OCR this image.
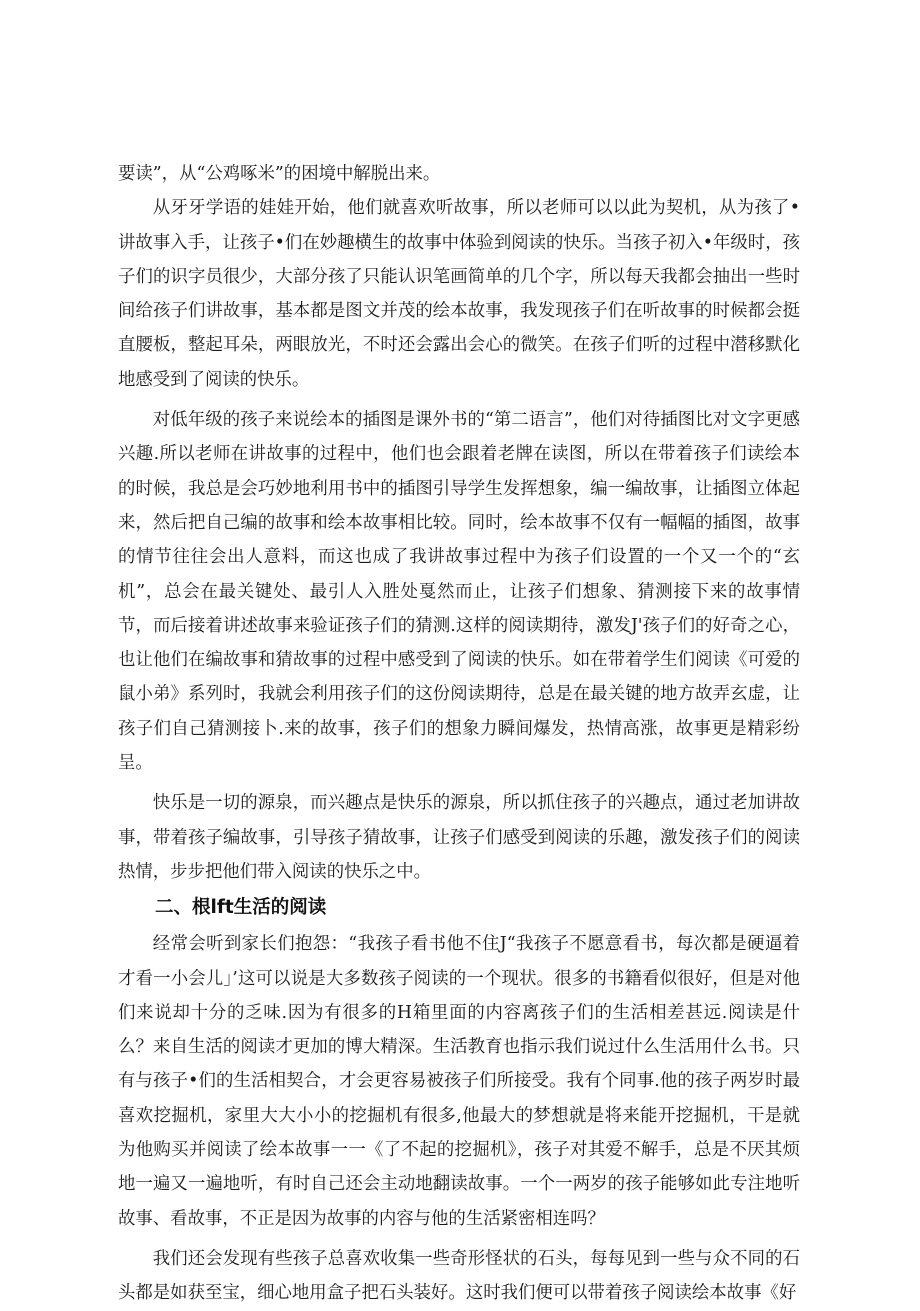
要读”，从“公鸡啄米”的困境中解脱出来。

从牙牙学语的娃娃开始，他们就喜欢听故事，所以老师可以以此为契机，从为孩了•讲故事入手，让孩子•们在妙趣横生的故事中体验到阅读的快乐。当孩子初入•年级时，孩子们的识字员很少，大部分孩了只能认识笔画简单的几个字，所以每天我都会抽出一些时间给孩子们讲故事，基本都是图文并茂的绘本故事，我发现孩子们在听故事的时候都会挺直腰板，整起耳朵，两眼放光，不时还会露出会心的微笑。在孩子们听的过程中潜移默化地感受到了阅读的快乐。

对低年级的孩子来说绘本的插图是课外书的“第二语言”，他们对待插图比对文字更感兴趣.所以老师在讲故事的过程中，他们也会跟着老牌在读图，所以在带着孩子们读绘本的时候，我总是会巧妙地利用书中的插图引导学生发挥想象，编一编故事，让插图立体起来，然后把自己编的故事和绘本故事相比较。同时，绘本故事不仅有一幅幅的插图，故事的情节往往会出人意料，而这也成了我讲故事过程中为孩子们设置的一个又一个的“玄机”，总会在最关键处、最引人入胜处戛然而止，让孩子们想象、猜测接下来的故事情节，而后接着讲述故事来验证孩子们的猜测.这样的阅读期待，激发J'孩子们的好奇之心，也让他们在编故事和猜故事的过程中感受到了阅读的快乐。如在带着学生们阅读《可爱的鼠小弟》系列时，我就会利用孩子们的这份阅读期待，总是在最关键的地方故弄玄虚，让孩子们自己猜测接卜.来的故事，孩子们的想象力瞬间爆发，热情高涨，故事更是精彩纷呈。

快乐是一切的源泉，而兴趣点是快乐的源泉，所以抓住孩子的兴趣点，通过老加讲故事，带着孩子编故事，引导孩子猜故事，让孩子们感受到阅读的乐趣，激发孩子们的阅读热情，步步把他们带入阅读的快乐之中。

二、根lft生活的阅读

经常会听到家长们抱怨：“我孩子看书他不住J“我孩子不愿意看书，每次都是硬逼着才看一小会儿」’这可以说是大多数孩子阅读的一个现状。很多的书籍看似很好，但是对他们来说却十分的乏味.因为有很多的H箱里面的内容离孩子们的生活相差甚远.阅读是什么？来自生活的阅读才更加的博大精深。生活教育也指示我们说过什么生活用什么书。只有与孩子•们的生活相契合，才会更容易被孩子们所接受。我有个同事.他的孩子两岁时最喜欢挖掘机，家里大大小小的挖掘机有很多,他最大的梦想就是将来能开挖掘机，干是就为他购买并阅读了绘本故事一一《了不起的挖掘机》，孩子对其爱不解手，总是不厌其烦地一遍又一遍地听，有时自己还会主动地翻读故事。一个一两岁的孩子能够如此专注地听故事、看故事，不正是因为故事的内容与他的生活紧密相连吗？

我们还会发现有些孩子总喜欢收集一些奇形怪状的石头，每每见到一些与众不同的石头都是如获至宝，细心地用盒子把石头装好。这时我们便可以带着孩子阅读绘本故事《好
